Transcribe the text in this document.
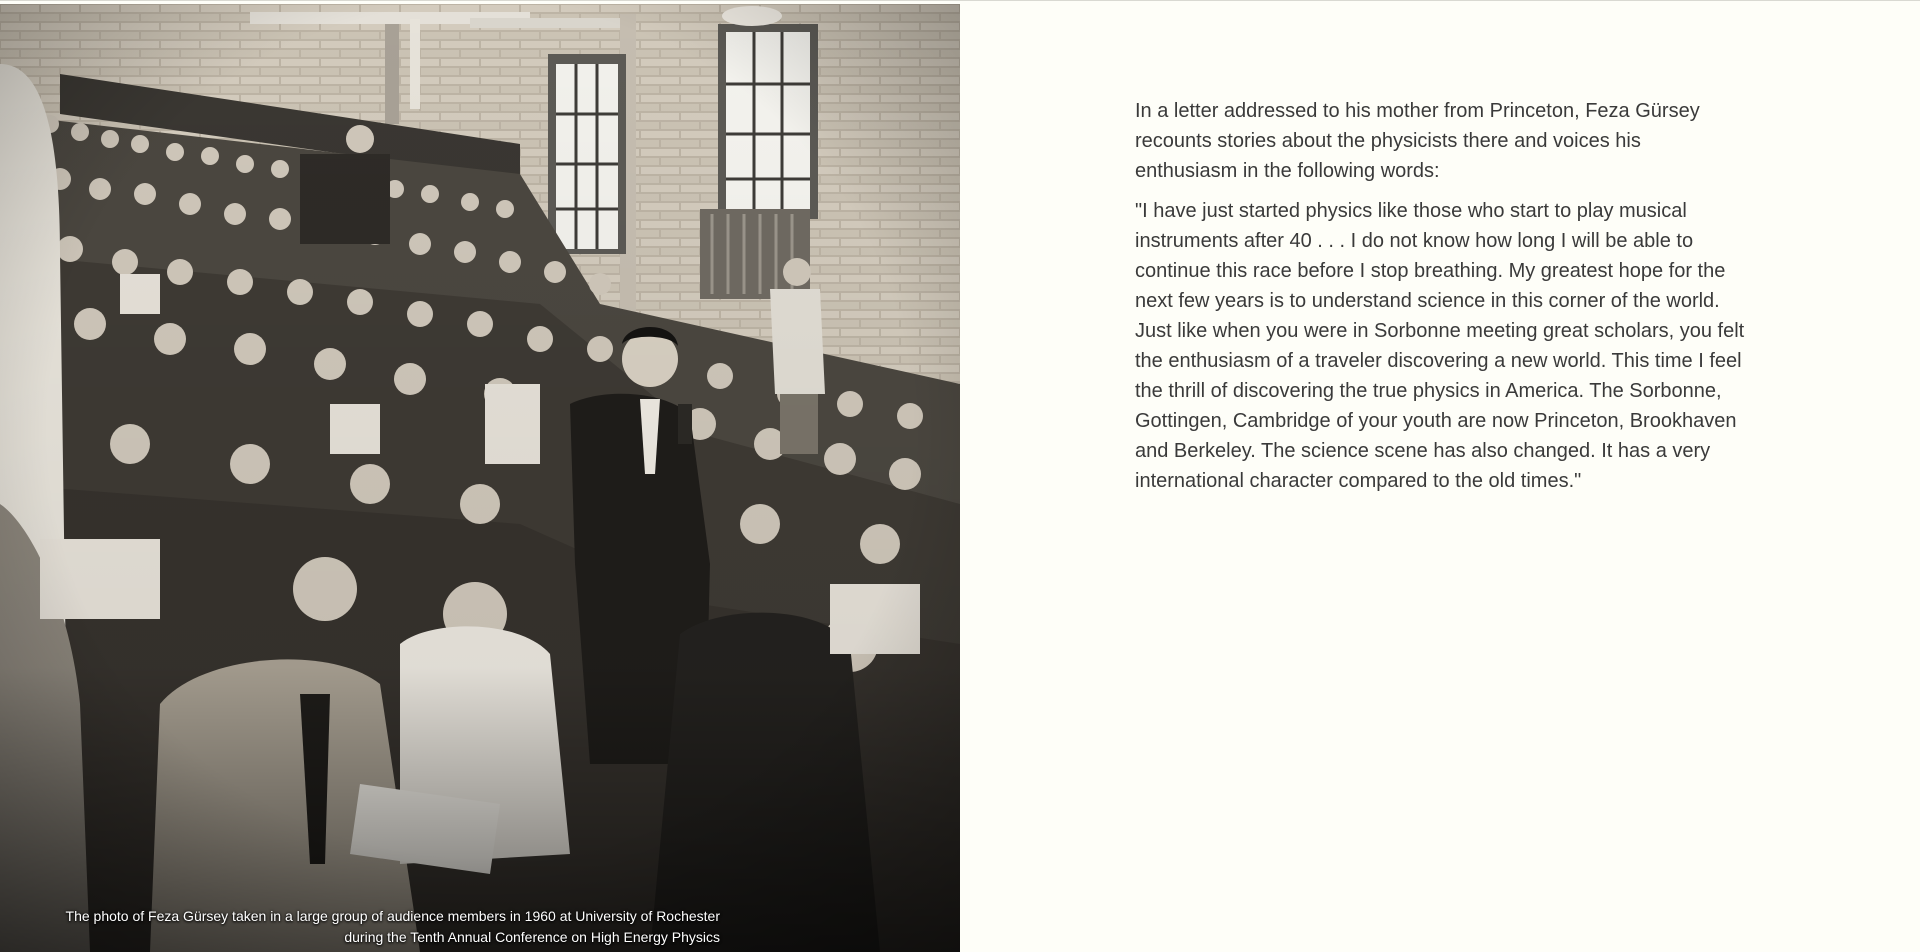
The photo of Feza Gürsey taken in a large group of audience members in 1960 at University of Rochester
during the Tenth Annual Conference on High Energy Physics

In a letter addressed to his mother from Princeton, Feza Gürsey recounts stories about the physicists there and voices his enthusiasm in the following words:

"I have just started physics like those who start to play musical instruments after 40 . . . I do not know how long I will be able to continue this race before I stop breathing. My greatest hope for the next few years is to understand science in this corner of the world. Just like when you were in Sorbonne meeting great scholars, you felt the enthusiasm of a traveler discovering a new world. This time I feel the thrill of discovering the true physics in America. The Sorbonne, Gottingen, Cambridge of your youth are now Princeton, Brookhaven and Berkeley. The science scene has also changed. It has a very international character compared to the old times."
